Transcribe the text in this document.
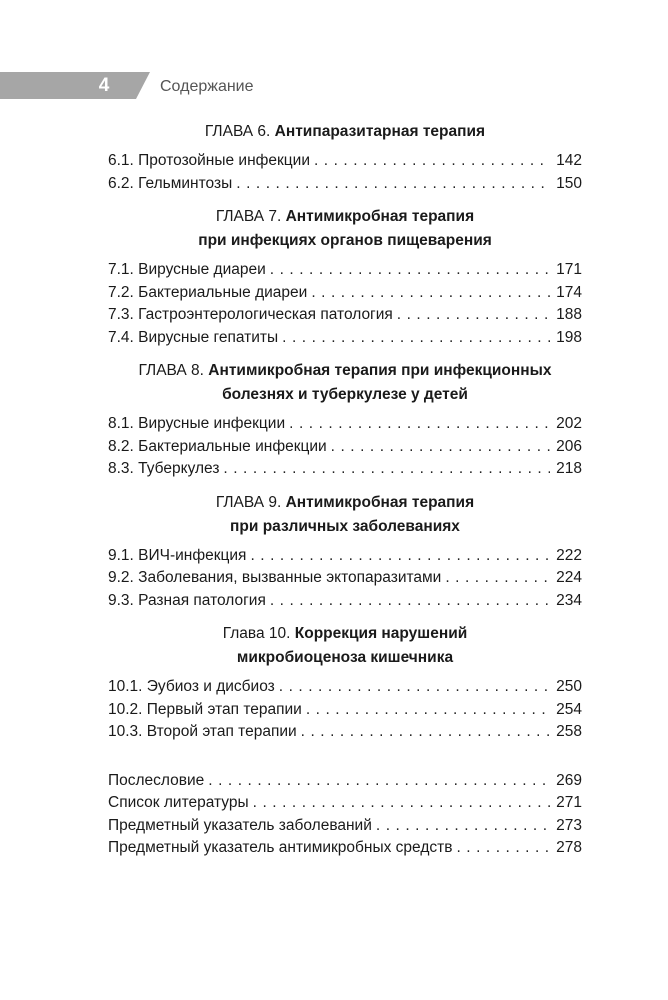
4	Содержание
ГЛАВА 6. Антипаразитарная терапия
6.1. Протозойные инфекции . . .	142
6.2. Гельминтозы . . .	150
ГЛАВА 7. Антимикробная терапия
при инфекциях органов пищеварения
7.1. Вирусные диареи . . .	171
7.2. Бактериальные диареи . . .	174
7.3. Гастроэнтерологическая патология . . .	188
7.4. Вирусные гепатиты . . .	198
ГЛАВА 8. Антимикробная терапия при инфекционных
болезнях и туберкулезе у детей
8.1. Вирусные инфекции . . .	202
8.2. Бактериальные инфекции . . .	206
8.3. Туберкулез . . .	218
ГЛАВА 9. Антимикробная терапия
при различных заболеваниях
9.1. ВИЧ-инфекция . . .	222
9.2. Заболевания, вызванные эктопаразитами . . .	224
9.3. Разная патология . . .	234
Глава 10. Коррекция нарушений
микробиоценоза кишечника
10.1. Эубиоз и дисбиоз . . .	250
10.2. Первый этап терапии . . .	254
10.3. Второй этап терапии . . .	258
Послесловие . . .	269
Список литературы . . .	271
Предметный указатель заболеваний . . .	273
Предметный указатель антимикробных средств . . .	278
